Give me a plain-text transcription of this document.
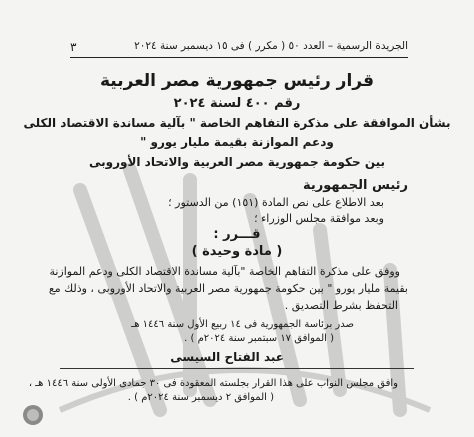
الجريدة الرسمية – العدد ٥٠ ( مكرر ) فى ١٥ ديسمبر سنة ٢٠٢٤
٣
قرار رئيس جمهورية مصر العربية
رقم ٤٠٠ لسنة ٢٠٢٤
بشأن الموافقة على مذكرة التفاهم الخاصة " بآلية مساندة الاقتصاد الكلى
ودعم الموازنة بقيمة مليار يورو "
بين حكومة جمهورية مصر العربية والاتحاد الأوروبى
رئيس الجمهورية
بعد الاطلاع على نص المادة (١٥١) من الدستور ؛
وبعد موافقة مجلس الوزراء ؛
قـــرر :
( مادة وحيدة )
ووفق على مذكرة التفاهم الخاصة "بآلية مساندة الاقتصاد الكلى ودعم الموازنة
بقيمة مليار يورو " بين حكومة جمهورية مصر العربية والاتحاد الأوروبى ، وذلك مع
التحفظ بشرط التصديق .
صدر برئاسة الجمهورية فى ١٤ ربيع الأول سنة ١٤٤٦ هـ
( الموافق ١٧ سبتمبر سنة ٢٠٢٤م ) .
عبد الفتاح السيسى
وافق مجلس النواب على هذا القرار بجلسته المعقودة فى ٣٠ جمادى الأولى سنة ١٤٤٦ هـ ،
( الموافق ٢ ديسمبر سنة ٢٠٢٤م ) .
